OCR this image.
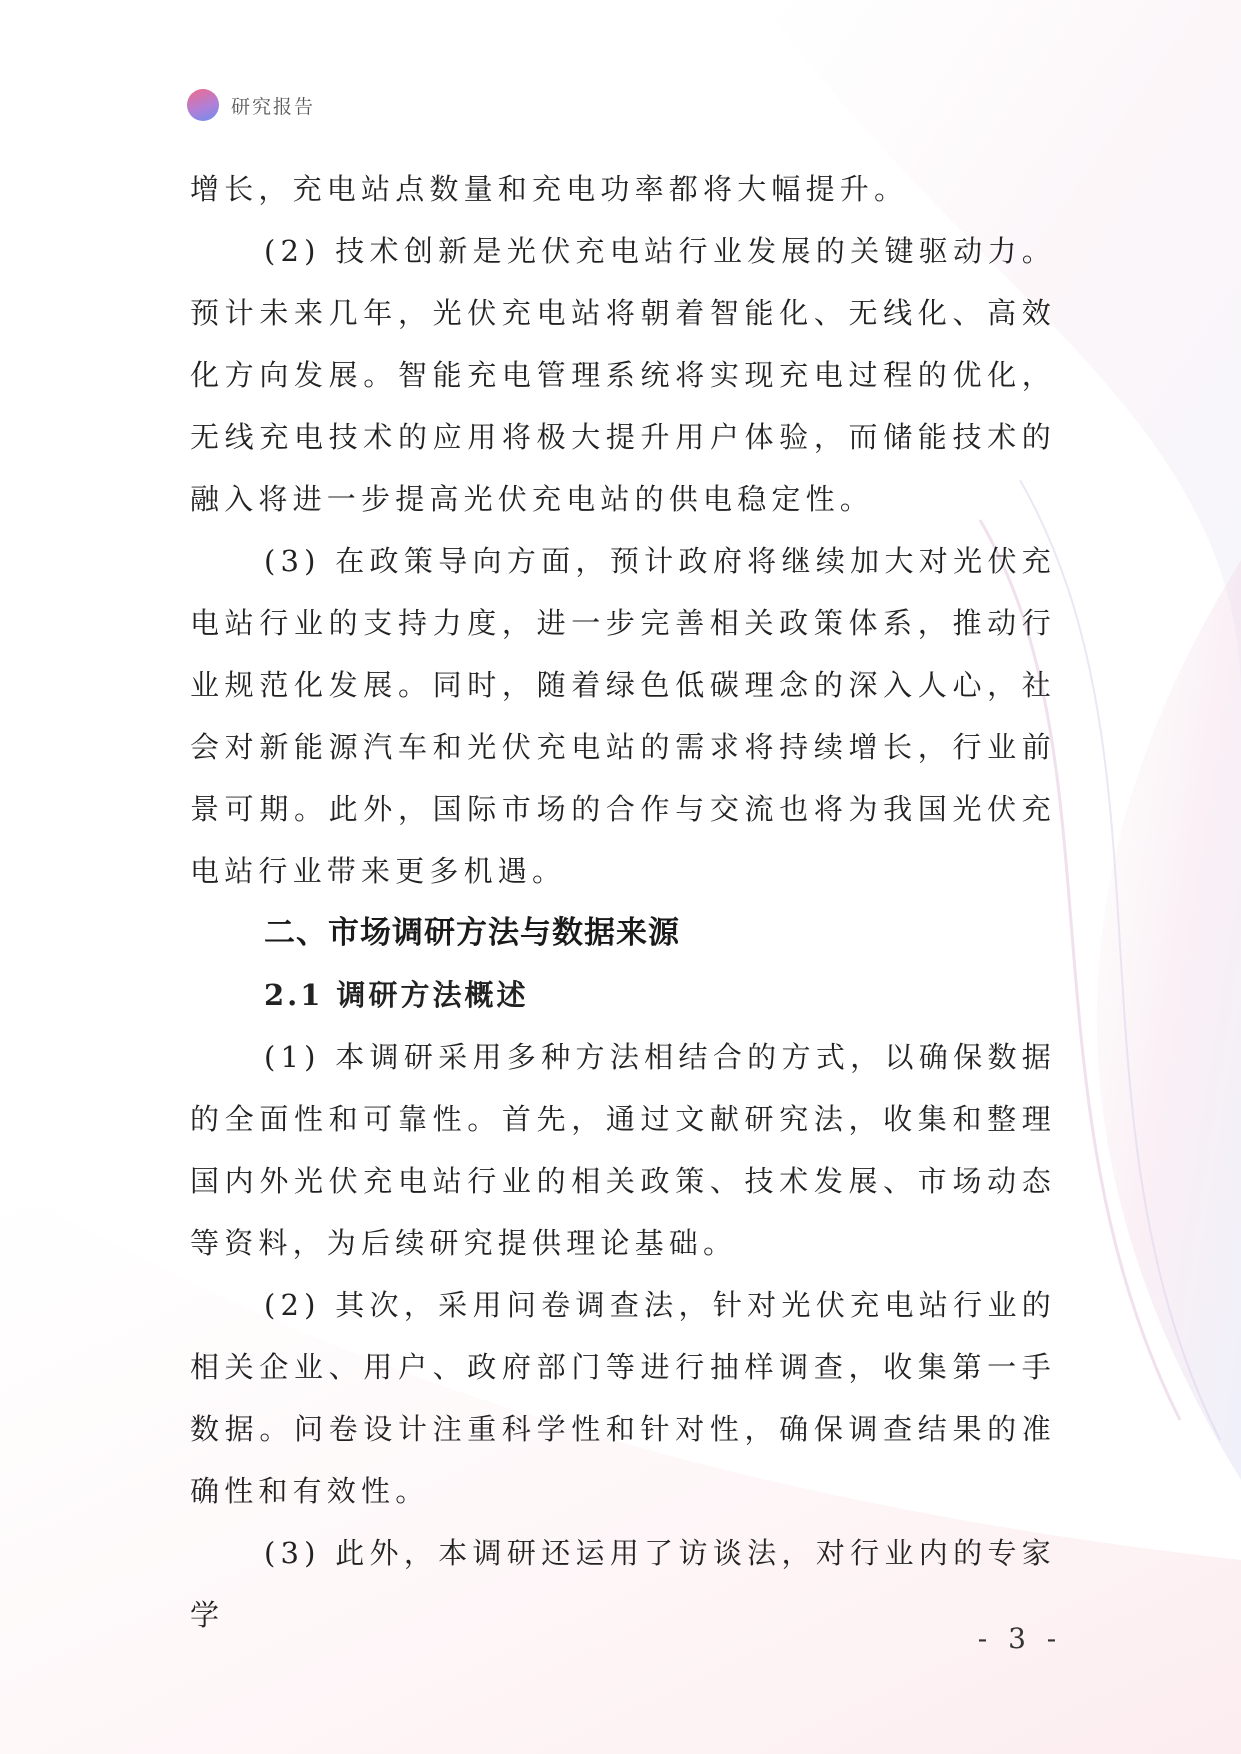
研究报告

增长，充电站点数量和充电功率都将大幅提升。

(2) 技术创新是光伏充电站行业发展的关键驱动力。预计未来几年，光伏充电站将朝着智能化、无线化、高效化方向发展。智能充电管理系统将实现充电过程的优化，无线充电技术的应用将极大提升用户体验，而储能技术的融入将进一步提高光伏充电站的供电稳定性。

(3) 在政策导向方面，预计政府将继续加大对光伏充电站行业的支持力度，进一步完善相关政策体系，推动行业规范化发展。同时，随着绿色低碳理念的深入人心，社会对新能源汽车和光伏充电站的需求将持续增长，行业前景可期。此外，国际市场的合作与交流也将为我国光伏充电站行业带来更多机遇。

二、市场调研方法与数据来源
2.1 调研方法概述

(1) 本调研采用多种方法相结合的方式，以确保数据的全面性和可靠性。首先，通过文献研究法，收集和整理国内外光伏充电站行业的相关政策、技术发展、市场动态等资料，为后续研究提供理论基础。

(2) 其次，采用问卷调查法，针对光伏充电站行业的相关企业、用户、政府部门等进行抽样调查，收集第一手数据。问卷设计注重科学性和针对性，确保调查结果的准确性和有效性。

(3) 此外，本调研还运用了访谈法，对行业内的专家学

- 3 -
